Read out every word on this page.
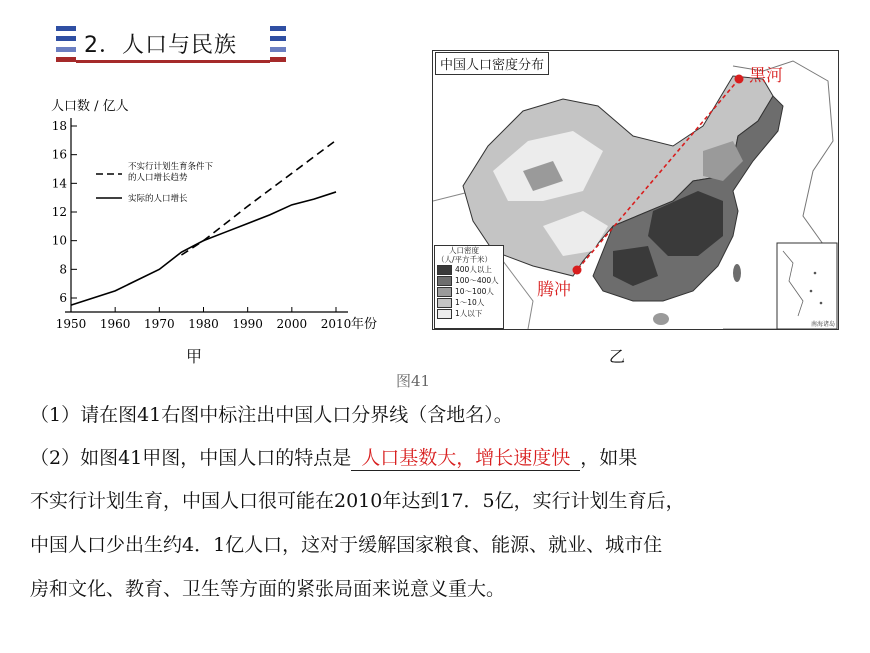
2．人口与民族
6
8
10
12
14
16
18
1950 1960 1970 1980 1990 2000 2010
人口数 / 亿人
年份
不实行计划生育条件下
的人口增长趋势
实际的人口增长
甲	乙
图41
中国人口密度分布
黑河
腾冲
南海诸岛
人口密度
（人/平方千米）
400人以上
100～400人
10～100人
1～10人
1人以下
（1）请在图41右图中标注出中国人口分界线（含地名）。
（2）如图41甲图，中国人口的特点是 人口基数大，增长速度快 ，如果
不实行计划生育，中国人口很可能在2010年达到17．5亿，实行计划生育后，
中国人口少出生约4．1亿人口，这对于缓解国家粮食、能源、就业、城市住
房和文化、教育、卫生等方面的紧张局面来说意义重大。
